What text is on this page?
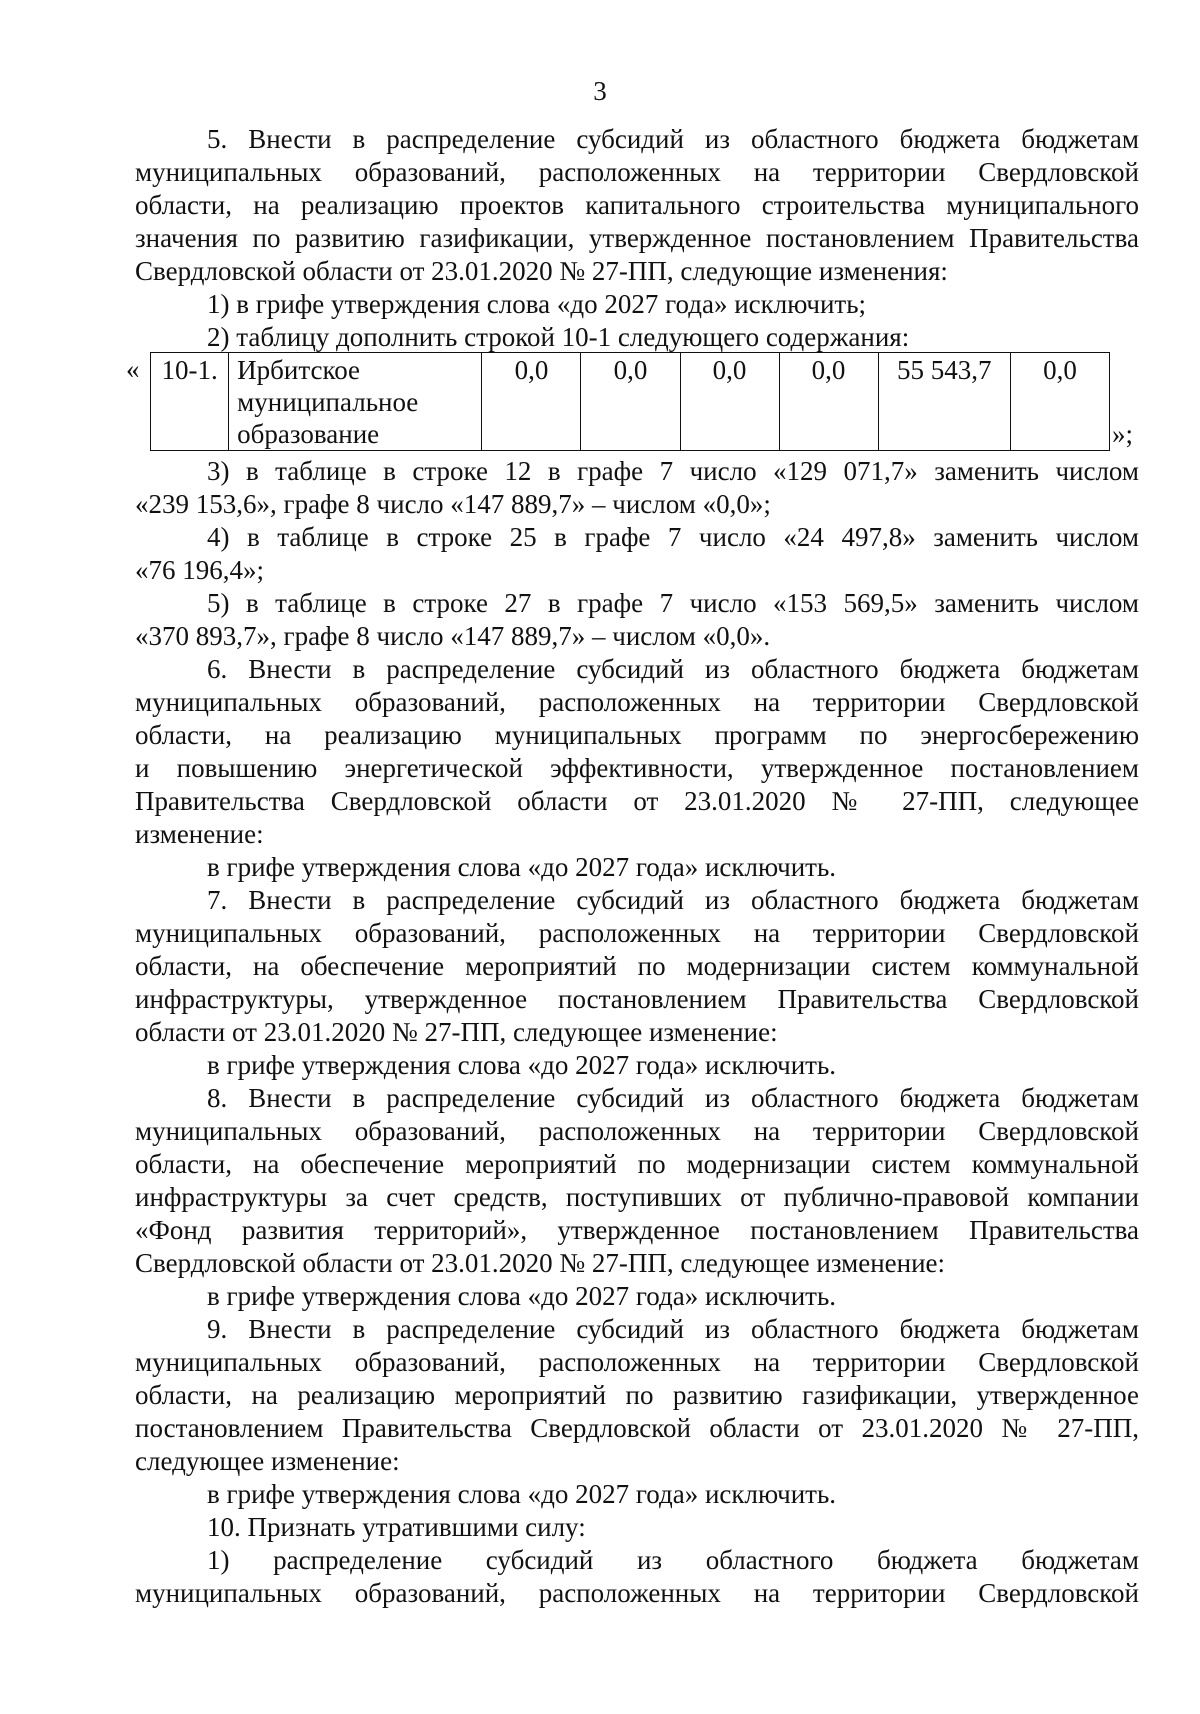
3
5. Внести в распределение субсидий из областного бюджета бюджетам
муниципальных образований, расположенных на территории Свердловской
области, на реализацию проектов капитального строительства муниципального
значения по развитию газификации, утвержденное постановлением Правительства
Свердловской области от 23.01.2020 № 27-ПП, следующие изменения:
1) в грифе утверждения слова «до 2027 года» исключить;
2) таблицу дополнить строкой 10-1 следующего содержания:
3) в таблице в строке 12 в графе 7 число «129 071,7» заменить числом
«239 153,6», графе 8 число «147 889,7» – числом «0,0»;
4) в таблице в строке 25 в графе 7 число «24 497,8» заменить числом
«76 196,4»;
5) в таблице в строке 27 в графе 7 число «153 569,5» заменить числом
«370 893,7», графе 8 число «147 889,7» – числом «0,0».
6. Внести в распределение субсидий из областного бюджета бюджетам
муниципальных образований, расположенных на территории Свердловской
области, на реализацию муниципальных программ по энергосбережению
и повышению энергетической эффективности, утвержденное постановлением
Правительства Свердловской области от 23.01.2020 № 27-ПП, следующее
изменение:
в грифе утверждения слова «до 2027 года» исключить.
7. Внести в распределение субсидий из областного бюджета бюджетам
муниципальных образований, расположенных на территории Свердловской
области, на обеспечение мероприятий по модернизации систем коммунальной
инфраструктуры, утвержденное постановлением Правительства Свердловской
области от 23.01.2020 № 27-ПП, следующее изменение:
в грифе утверждения слова «до 2027 года» исключить.
8. Внести в распределение субсидий из областного бюджета бюджетам
муниципальных образований, расположенных на территории Свердловской
области, на обеспечение мероприятий по модернизации систем коммунальной
инфраструктуры за счет средств, поступивших от публично-правовой компании
«Фонд развития территорий», утвержденное постановлением Правительства
Свердловской области от 23.01.2020 № 27-ПП, следующее изменение:
в грифе утверждения слова «до 2027 года» исключить.
9. Внести в распределение субсидий из областного бюджета бюджетам
муниципальных образований, расположенных на территории Свердловской
области, на реализацию мероприятий по развитию газификации, утвержденное
постановлением Правительства Свердловской области от 23.01.2020 № 27-ПП,
следующее изменение:
в грифе утверждения слова «до 2027 года» исключить.
10. Признать утратившими силу:
1) распределение субсидий из областного бюджета бюджетам
муниципальных образований, расположенных на территории Свердловской
« 10-1.	Ирбитское
муниципальное
образование
	0,0	0,0	0,0	0,0	55 543,7	0,0
»;
